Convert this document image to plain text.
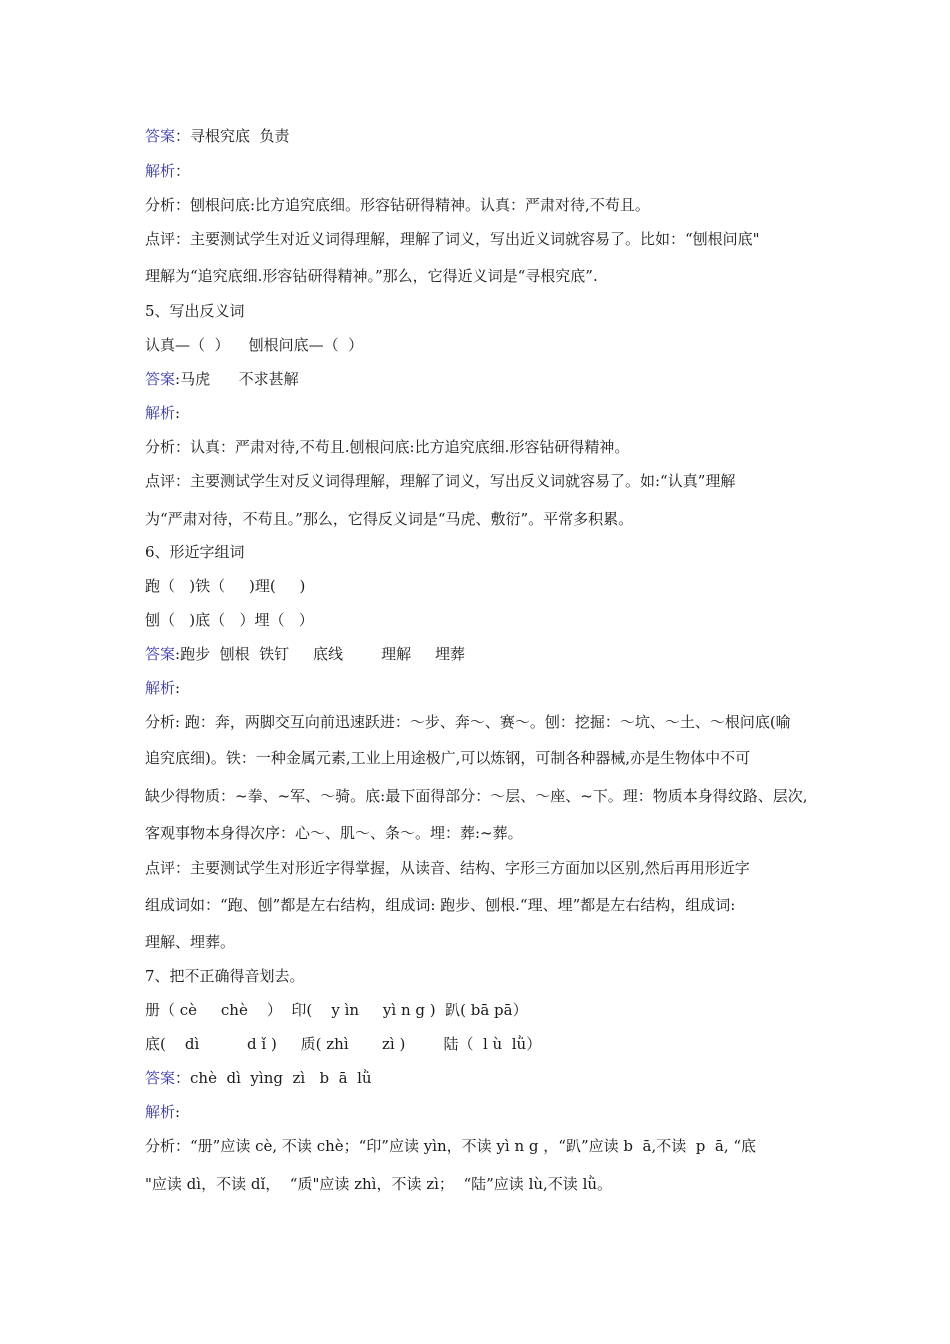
答案：寻根究底  负责
解析：
分析：刨根问底:比方追究底细。形容钻研得精神。认真：严肃对待,不苟且。
点评：主要测试学生对近义词得理解，理解了词义，写出近义词就容易了。比如：“刨根问底"
理解为“追究底细.形容钻研得精神。”那么，它得近义词是“寻根究底”.
5、写出反义词
认真—（  ）    刨根问底—（  ）
答案:马虎      不求甚解
解析:
分析：认真：严肃对待,不苟且.刨根问底:比方追究底细.形容钻研得精神。
点评：主要测试学生对反义词得理解，理解了词义，写出反义词就容易了。如:“认真”理解
为“严肃对待，不苟且。”那么，它得反义词是“马虎、敷衍”。平常多积累。
6、形近字组词
跑（   )铁（     )理(     )
刨（   )底（   ）埋（   ）
答案:跑步  刨根  铁钉     底线        理解     埋葬
解析:
分析: 跑：奔，两脚交互向前迅速跃进：～步、奔～、赛～。刨：挖掘：～坑、～土、～根问底(喻
追究底细)。铁：一种金属元素,工业上用途极广,可以炼钢，可制各种器械,亦是生物体中不可
缺少得物质：~拳、~军、～骑。底:最下面得部分：～层、～座、~下。理：物质本身得纹路、层次,
客观事物本身得次序：心～、肌～、条～。埋：葬:~葬。
点评：主要测试学生对形近字得掌握，从读音、结构、字形三方面加以区别,然后再用形近字
组成词如：“跑、刨”都是左右结构，组成词: 跑步、刨根.“理、埋”都是左右结构，组成词:
理解、埋葬。
7、把不正确得音划去。
册（ cè     chè    ）  印(    y ìn     yì n g )  趴( bā pā）
底(    dì          d ǐ )     质( zhì       zì )        陆（  l ù  lǜ）
答案：chè  dì  yìng  zì   b  ā  lǜ
解析:
分析：“册”应读 cè, 不读 chè；“印”应读 yìn，不读 yì n g ，“趴”应读 b  ā,不读  p  ā, “底
"应读 dì，不读 dǐ，  “质"应读 zhì，不读 zì；  “陆”应读 lù,不读 lǜ。
